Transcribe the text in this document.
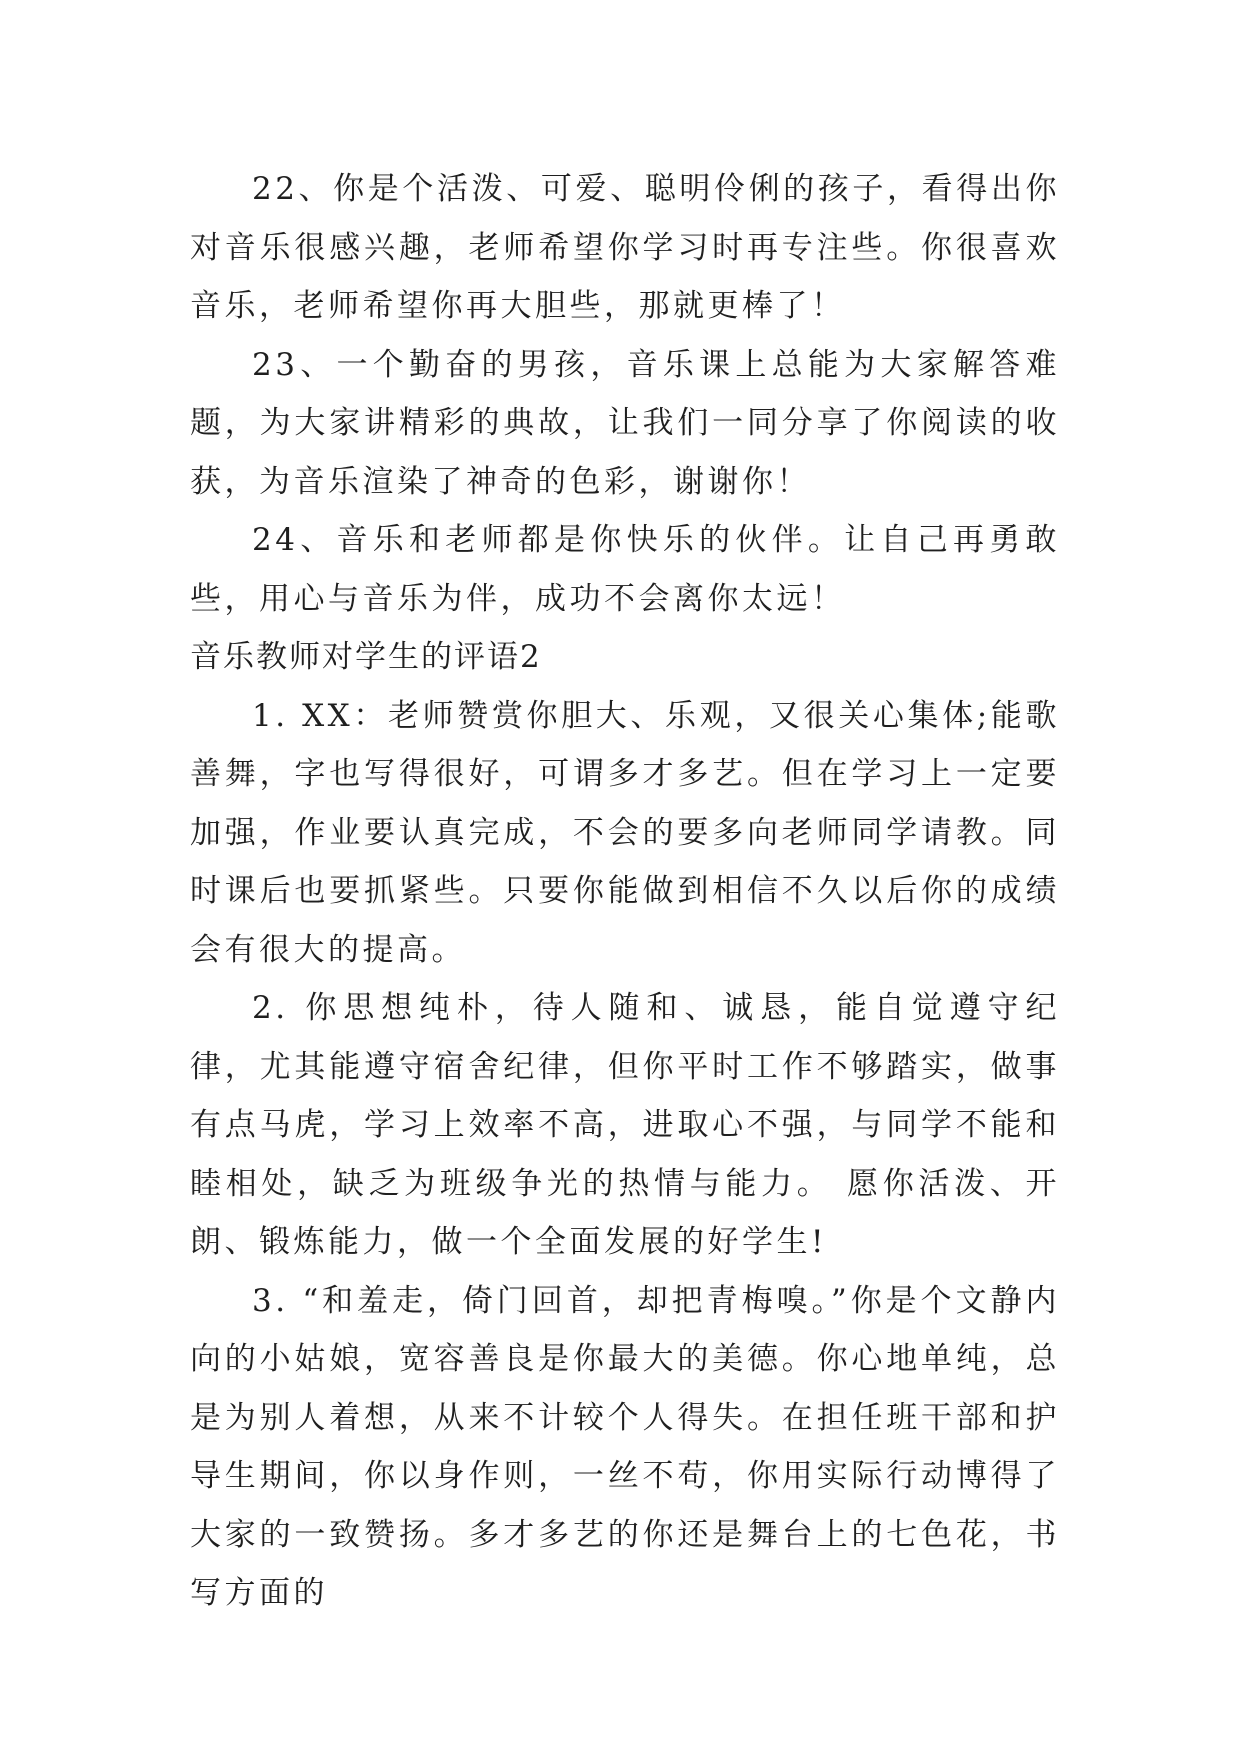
22、你是个活泼、可爱、聪明伶俐的孩子，看得出你对音乐很感兴趣，老师希望你学习时再专注些。你很喜欢音乐，老师希望你再大胆些，那就更棒了！

23、一个勤奋的男孩，音乐课上总能为大家解答难题，为大家讲精彩的典故，让我们一同分享了你阅读的收获，为音乐渲染了神奇的色彩，谢谢你！

24、音乐和老师都是你快乐的伙伴。让自己再勇敢些，用心与音乐为伴，成功不会离你太远！

音乐教师对学生的评语2

1. XX：老师赞赏你胆大、乐观，又很关心集体;能歌善舞，字也写得很好，可谓多才多艺。但在学习上一定要加强，作业要认真完成，不会的要多向老师同学请教。同时课后也要抓紧些。只要你能做到相信不久以后你的成绩会有很大的提高。

2. 你思想纯朴，待人随和、诚恳，能自觉遵守纪律，尤其能遵守宿舍纪律，但你平时工作不够踏实，做事有点马虎，学习上效率不高，进取心不强，与同学不能和睦相处，缺乏为班级争光的热情与能力。 愿你活泼、开朗、锻炼能力，做一个全面发展的好学生!

3. “和羞走，倚门回首，却把青梅嗅。”你是个文静内向的小姑娘，宽容善良是你最大的美德。你心地单纯，总是为别人着想，从来不计较个人得失。在担任班干部和护导生期间，你以身作则，一丝不苟，你用实际行动博得了大家的一致赞扬。多才多艺的你还是舞台上的七色花，书写方面的
